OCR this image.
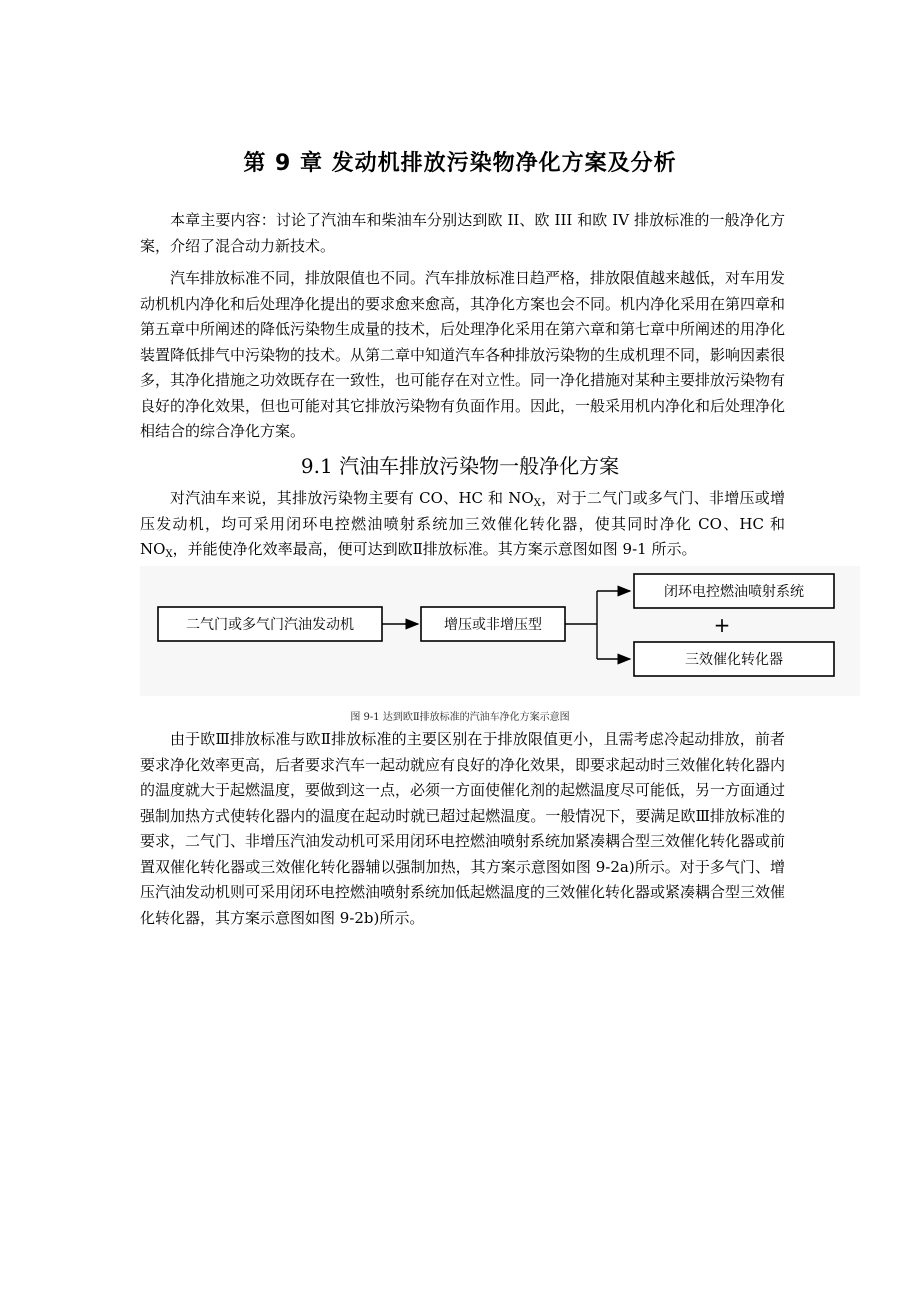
第 9 章 发动机排放污染物净化方案及分析

本章主要内容：讨论了汽油车和柴油车分别达到欧 II、欧 III 和欧 IV 排放标准的一般净化方案，介绍了混合动力新技术。

汽车排放标准不同，排放限值也不同。汽车排放标准日趋严格，排放限值越来越低，对车用发动机机内净化和后处理净化提出的要求愈来愈高，其净化方案也会不同。机内净化采用在第四章和第五章中所阐述的降低污染物生成量的技术，后处理净化采用在第六章和第七章中所阐述的用净化装置降低排气中污染物的技术。从第二章中知道汽车各种排放污染物的生成机理不同，影响因素很多，其净化措施之功效既存在一致性，也可能存在对立性。同一净化措施对某种主要排放污染物有良好的净化效果，但也可能对其它排放污染物有负面作用。因此，一般采用机内净化和后处理净化相结合的综合净化方案。

9.1 汽油车排放污染物一般净化方案

对汽油车来说，其排放污染物主要有 CO、HC 和 $NO_X$，对于二气门或多气门、非增压或增压发动机，均可采用闭环电控燃油喷射系统加三效催化转化器，使其同时净化 CO、HC 和 $NO_X$，并能使净化效率最高，便可达到欧Ⅱ排放标准。其方案示意图如图 9-1 所示。

二气门或多气门汽油发动机	增压或非增压型
闭环电控燃油喷射系统
+
三效催化转化器
图 9-1 达到欧Ⅱ排放标准的汽油车净化方案示意图

由于欧Ⅲ排放标准与欧Ⅱ排放标准的主要区别在于排放限值更小，且需考虑冷起动排放，前者要求净化效率更高，后者要求汽车一起动就应有良好的净化效果，即要求起动时三效催化转化器内的温度就大于起燃温度，要做到这一点，必须一方面使催化剂的起燃温度尽可能低，另一方面通过强制加热方式使转化器内的温度在起动时就已超过起燃温度。一般情况下，要满足欧Ⅲ排放标准的要求，二气门、非增压汽油发动机可采用闭环电控燃油喷射系统加紧凑耦合型三效催化转化器或前置双催化转化器或三效催化转化器辅以强制加热，其方案示意图如图 9-2a)所示。对于多气门、增压汽油发动机则可采用闭环电控燃油喷射系统加低起燃温度的三效催化转化器或紧凑耦合型三效催化转化器，其方案示意图如图 9-2b)所示。
